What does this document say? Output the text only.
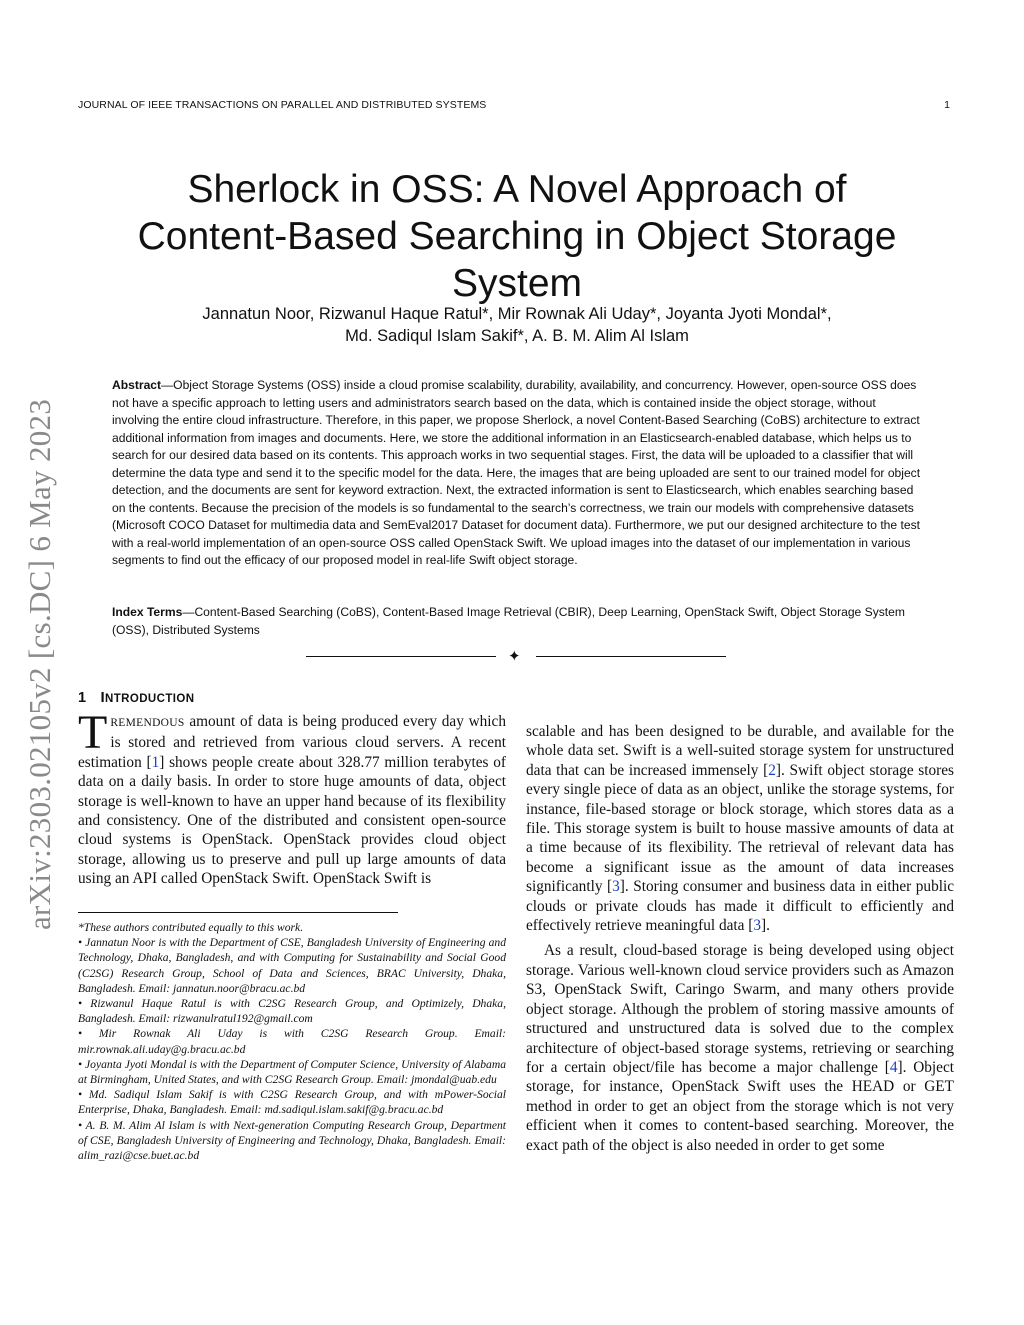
JOURNAL OF IEEE TRANSACTIONS ON PARALLEL AND DISTRIBUTED SYSTEMS	1
arXiv:2303.02105v2 [cs.DC] 6 May 2023
Sherlock in OSS: A Novel Approach of
Content-Based Searching in Object Storage
System
Jannatun Noor, Rizwanul Haque Ratul*, Mir Rownak Ali Uday*, Joyanta Jyoti Mondal*,
Md. Sadiqul Islam Sakif*, A. B. M. Alim Al Islam
Abstract—Object Storage Systems (OSS) inside a cloud promise scalability, durability, availability, and concurrency. However, open-source OSS does not have a specific approach to letting users and administrators search based on the data, which is contained inside the object storage, without involving the entire cloud infrastructure. Therefore, in this paper, we propose Sherlock, a novel Content-Based Searching (CoBS) architecture to extract additional information from images and documents. Here, we store the additional information in an Elasticsearch-enabled database, which helps us to search for our desired data based on its contents. This approach works in two sequential stages. First, the data will be uploaded to a classifier that will determine the data type and send it to the specific model for the data. Here, the images that are being uploaded are sent to our trained model for object detection, and the documents are sent for keyword extraction. Next, the extracted information is sent to Elasticsearch, which enables searching based on the contents. Because the precision of the models is so fundamental to the search’s correctness, we train our models with comprehensive datasets (Microsoft COCO Dataset for multimedia data and SemEval2017 Dataset for document data). Furthermore, we put our designed architecture to the test with a real-world implementation of an open-source OSS called OpenStack Swift. We upload images into the dataset of our implementation in various segments to find out the efficacy of our proposed model in real-life Swift object storage.
Index Terms—Content-Based Searching (CoBS), Content-Based Image Retrieval (CBIR), Deep Learning, OpenStack Swift, Object Storage System (OSS), Distributed Systems
✦
1 INTRODUCTION

TREMENDOUS amount of data is being produced every day which is stored and retrieved from various cloud servers. A recent estimation [1] shows people create about 328.77 million terabytes of data on a daily basis. In order to store huge amounts of data, object storage is well-known to have an upper hand because of its flexibility and consistency. One of the distributed and consistent open-source cloud systems is OpenStack. OpenStack provides cloud object storage, allowing us to preserve and pull up large amounts of data using an API called OpenStack Swift. OpenStack Swift is

*These authors contributed equally to this work.

• Jannatun Noor is with the Department of CSE, Bangladesh University of Engineering and Technology, Dhaka, Bangladesh, and with Computing for Sustainability and Social Good (C2SG) Research Group, School of Data and Sciences, BRAC University, Dhaka, Bangladesh. Email: jannatun.noor@bracu.ac.bd

• Rizwanul Haque Ratul is with C2SG Research Group, and Optimizely, Dhaka, Bangladesh. Email: rizwanulratul192@gmail.com

• Mir Rownak Ali Uday is with C2SG Research Group. Email: mir.rownak.ali.uday@g.bracu.ac.bd

• Joyanta Jyoti Mondal is with the Department of Computer Science, University of Alabama at Birmingham, United States, and with C2SG Research Group. Email: jmondal@uab.edu

• Md. Sadiqul Islam Sakif is with C2SG Research Group, and with mPower-Social Enterprise, Dhaka, Bangladesh. Email: md.sadiqul.islam.sakif@g.bracu.ac.bd

• A. B. M. Alim Al Islam is with Next-generation Computing Research Group, Department of CSE, Bangladesh University of Engineering and Technology, Dhaka, Bangladesh. Email: alim_razi@cse.buet.ac.bd

scalable and has been designed to be durable, and available for the whole data set. Swift is a well-suited storage system for unstructured data that can be increased immensely [2]. Swift object storage stores every single piece of data as an object, unlike the storage systems, for instance, file-based storage or block storage, which stores data as a file. This storage system is built to house massive amounts of data at a time because of its flexibility. The retrieval of relevant data has become a significant issue as the amount of data increases significantly [3]. Storing consumer and business data in either public clouds or private clouds has made it difficult to efficiently and effectively retrieve meaningful data [3].

As a result, cloud-based storage is being developed using object storage. Various well-known cloud service providers such as Amazon S3, OpenStack Swift, Caringo Swarm, and many others provide object storage. Although the problem of storing massive amounts of structured and unstructured data is solved due to the complex architecture of object-based storage systems, retrieving or searching for a certain object/file has become a major challenge [4]. Object storage, for instance, OpenStack Swift uses the HEAD or GET method in order to get an object from the storage which is not very efficient when it comes to content-based searching. Moreover, the exact path of the object is also needed in order to get some
